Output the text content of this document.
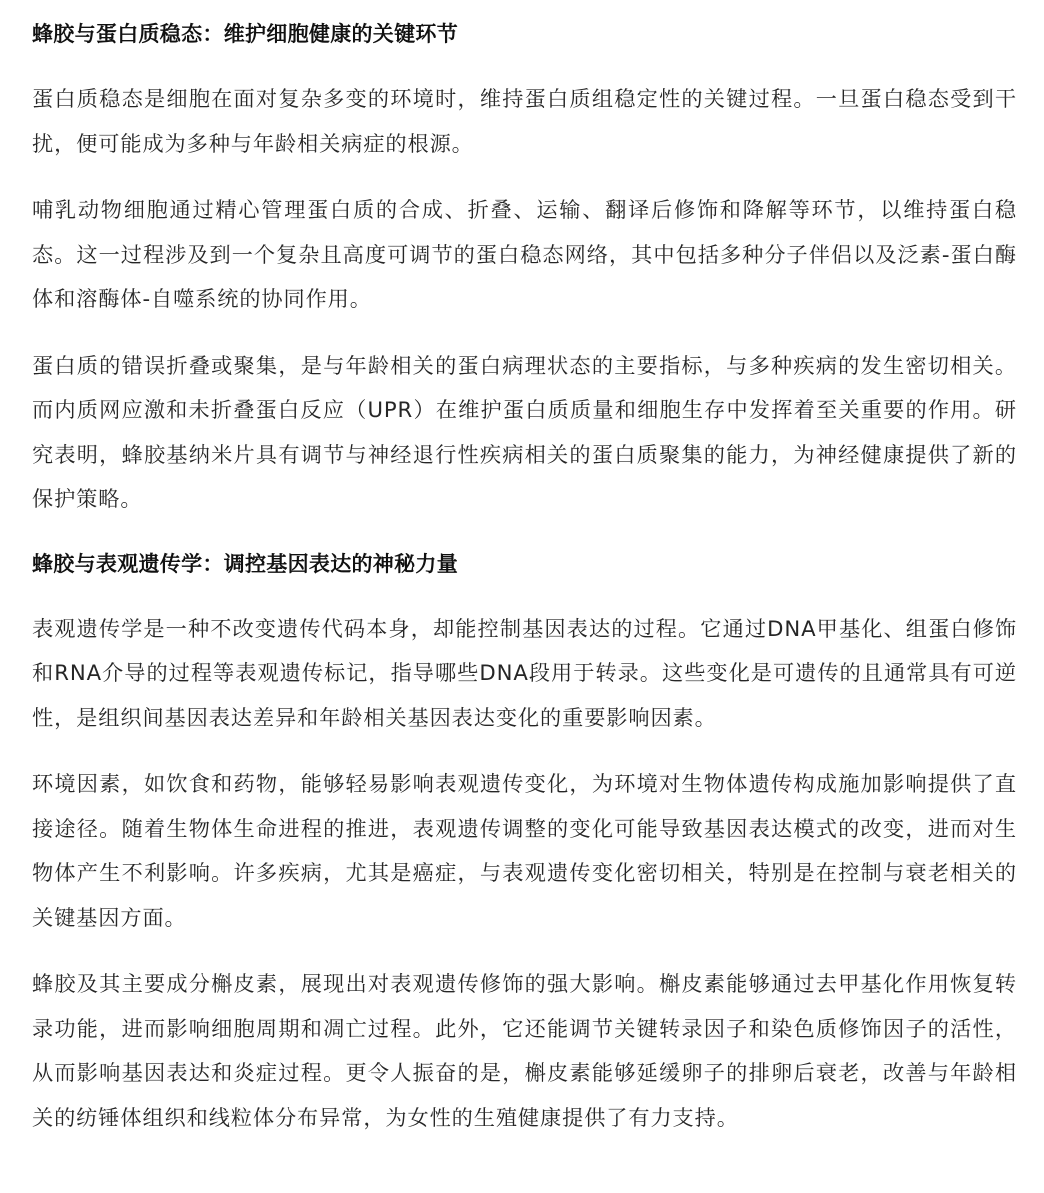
蜂胶与蛋白质稳态：维护细胞健康的关键环节

蛋白质稳态是细胞在面对复杂多变的环境时，维持蛋白质组稳定性的关键过程。一旦蛋白稳态受到干扰，便可能成为多种与年龄相关病症的根源。

哺乳动物细胞通过精心管理蛋白质的合成、折叠、运输、翻译后修饰和降解等环节，以维持蛋白稳态。这一过程涉及到一个复杂且高度可调节的蛋白稳态网络，其中包括多种分子伴侣以及泛素-蛋白酶体和溶酶体-自噬系统的协同作用。

蛋白质的错误折叠或聚集，是与年龄相关的蛋白病理状态的主要指标，与多种疾病的发生密切相关。而内质网应激和未折叠蛋白反应（UPR）在维护蛋白质质量和细胞生存中发挥着至关重要的作用。研究表明，蜂胶基纳米片具有调节与神经退行性疾病相关的蛋白质聚集的能力，为神经健康提供了新的保护策略。

蜂胶与表观遗传学：调控基因表达的神秘力量

表观遗传学是一种不改变遗传代码本身，却能控制基因表达的过程。它通过DNA甲基化、组蛋白修饰和RNA介导的过程等表观遗传标记，指导哪些DNA段用于转录。这些变化是可遗传的且通常具有可逆性，是组织间基因表达差异和年龄相关基因表达变化的重要影响因素。

环境因素，如饮食和药物，能够轻易影响表观遗传变化，为环境对生物体遗传构成施加影响提供了直接途径。随着生物体生命进程的推进，表观遗传调整的变化可能导致基因表达模式的改变，进而对生物体产生不利影响。许多疾病，尤其是癌症，与表观遗传变化密切相关，特别是在控制与衰老相关的关键基因方面。

蜂胶及其主要成分槲皮素，展现出对表观遗传修饰的强大影响。槲皮素能够通过去甲基化作用恢复转录功能，进而影响细胞周期和凋亡过程。此外，它还能调节关键转录因子和染色质修饰因子的活性，从而影响基因表达和炎症过程。更令人振奋的是，槲皮素能够延缓卵子的排卵后衰老，改善与年龄相关的纺锤体组织和线粒体分布异常，为女性的生殖健康提供了有力支持。
